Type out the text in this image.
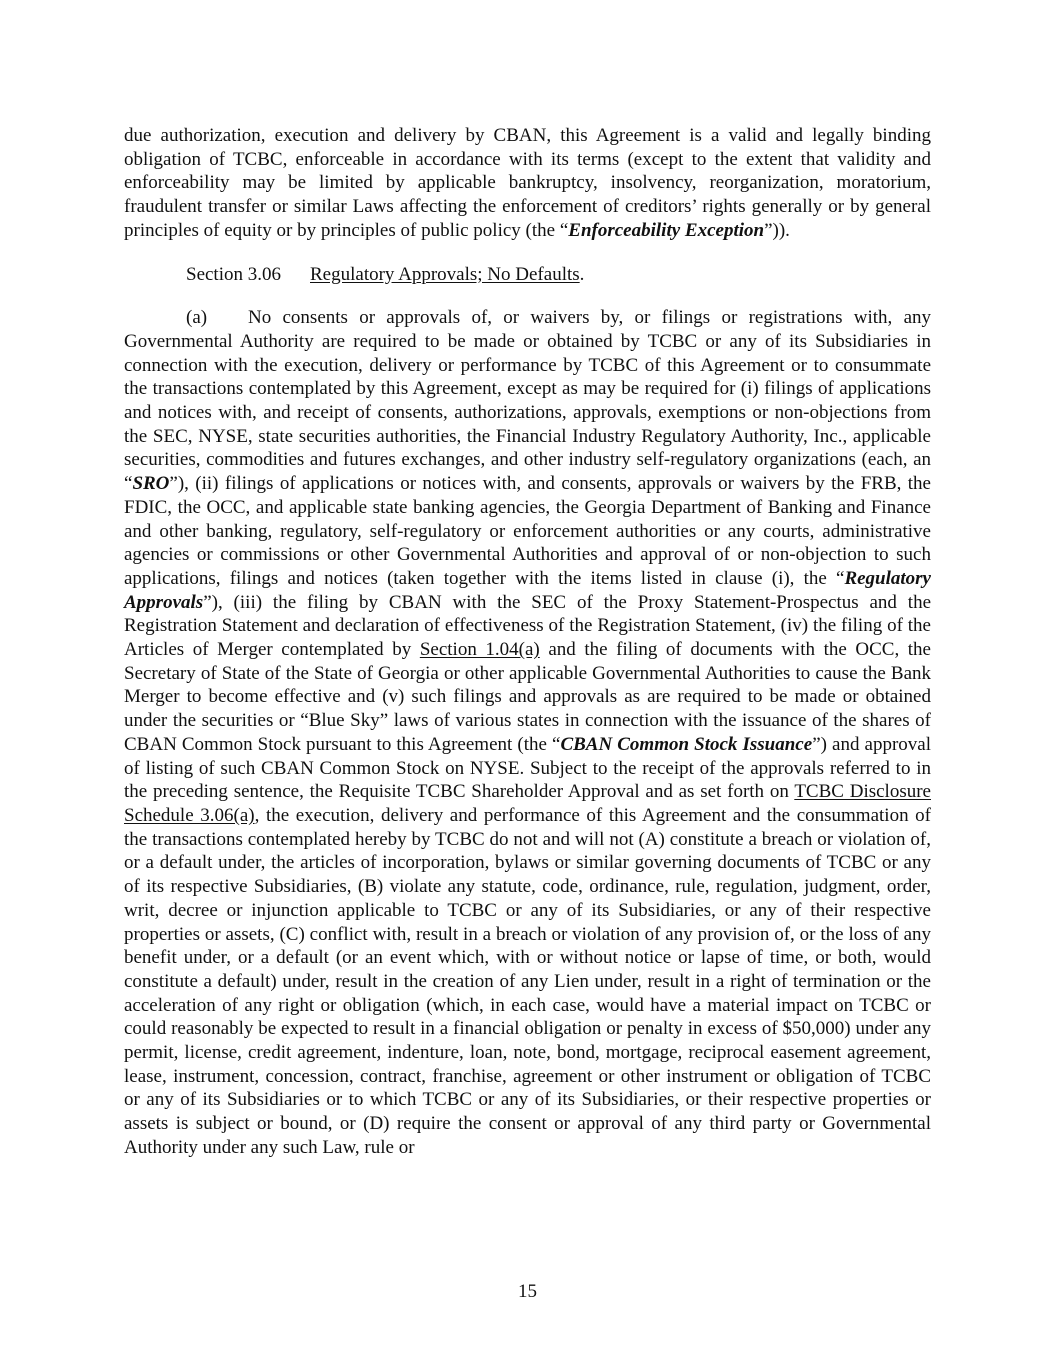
due authorization, execution and delivery by CBAN, this Agreement is a valid and legally binding obligation of TCBC, enforceable in accordance with its terms (except to the extent that validity and enforceability may be limited by applicable bankruptcy, insolvency, reorganization, moratorium, fraudulent transfer or similar Laws affecting the enforcement of creditors’ rights generally or by general principles of equity or by principles of public policy (the “Enforceability Exception”)).

Section 3.06 Regulatory Approvals; No Defaults.

(a) No consents or approvals of, or waivers by, or filings or registrations with, any Governmental Authority are required to be made or obtained by TCBC or any of its Subsidiaries in connection with the execution, delivery or performance by TCBC of this Agreement or to consummate the transactions contemplated by this Agreement, except as may be required for (i) filings of applications and notices with, and receipt of consents, authorizations, approvals, exemptions or non-objections from the SEC, NYSE, state securities authorities, the Financial Industry Regulatory Authority, Inc., applicable securities, commodities and futures exchanges, and other industry self-regulatory organizations (each, an “SRO”), (ii) filings of applications or notices with, and consents, approvals or waivers by the FRB, the FDIC, the OCC, and applicable state banking agencies, the Georgia Department of Banking and Finance and other banking, regulatory, self-regulatory or enforcement authorities or any courts, administrative agencies or commissions or other Governmental Authorities and approval of or non-objection to such applications, filings and notices (taken together with the items listed in clause (i), the “Regulatory Approvals”), (iii) the filing by CBAN with the SEC of the Proxy Statement-Prospectus and the Registration Statement and declaration of effectiveness of the Registration Statement, (iv) the filing of the Articles of Merger contemplated by Section 1.04(a) and the filing of documents with the OCC, the Secretary of State of the State of Georgia or other applicable Governmental Authorities to cause the Bank Merger to become effective and (v) such filings and approvals as are required to be made or obtained under the securities or “Blue Sky” laws of various states in connection with the issuance of the shares of CBAN Common Stock pursuant to this Agreement (the “CBAN Common Stock Issuance”) and approval of listing of such CBAN Common Stock on NYSE. Subject to the receipt of the approvals referred to in the preceding sentence, the Requisite TCBC Shareholder Approval and as set forth on TCBC Disclosure Schedule 3.06(a), the execution, delivery and performance of this Agreement and the consummation of the transactions contemplated hereby by TCBC do not and will not (A) constitute a breach or violation of, or a default under, the articles of incorporation, bylaws or similar governing documents of TCBC or any of its respective Subsidiaries, (B) violate any statute, code, ordinance, rule, regulation, judgment, order, writ, decree or injunction applicable to TCBC or any of its Subsidiaries, or any of their respective properties or assets, (C) conflict with, result in a breach or violation of any provision of, or the loss of any benefit under, or a default (or an event which, with or without notice or lapse of time, or both, would constitute a default) under, result in the creation of any Lien under, result in a right of termination or the acceleration of any right or obligation (which, in each case, would have a material impact on TCBC or could reasonably be expected to result in a financial obligation or penalty in excess of $50,000) under any permit, license, credit agreement, indenture, loan, note, bond, mortgage, reciprocal easement agreement, lease, instrument, concession, contract, franchise, agreement or other instrument or obligation of TCBC or any of its Subsidiaries or to which TCBC or any of its Subsidiaries, or their respective properties or assets is subject or bound, or (D) require the consent or approval of any third party or Governmental Authority under any such Law, rule or

15
